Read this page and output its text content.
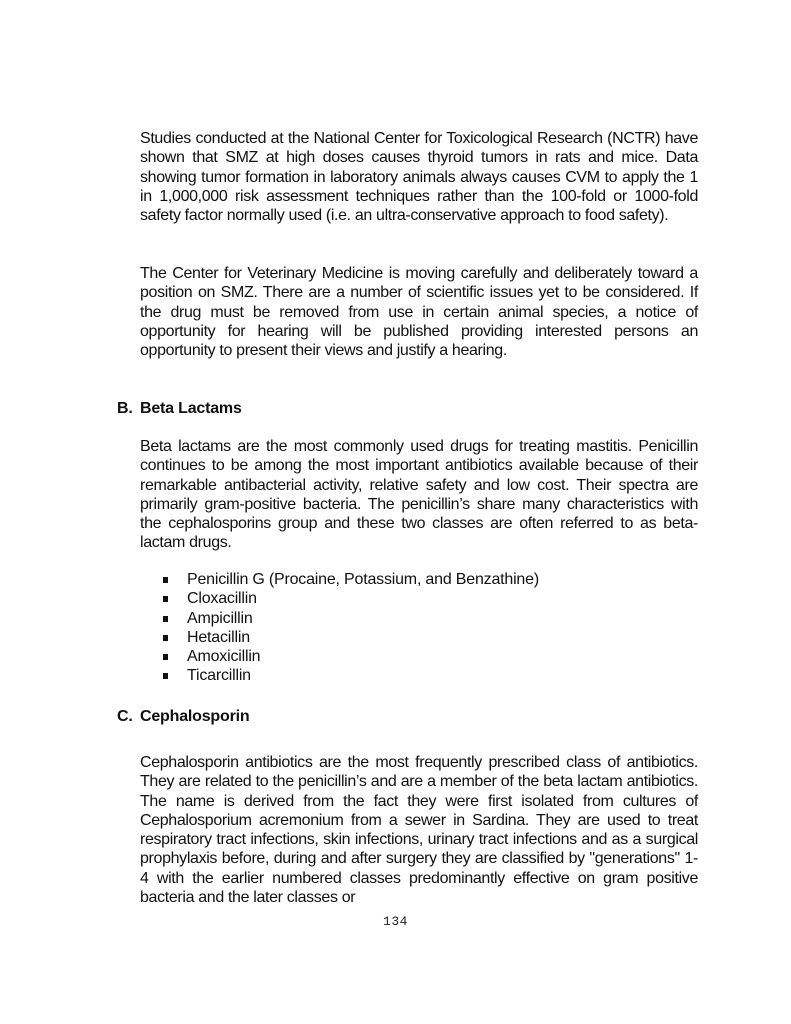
Studies conducted at the National Center for Toxicological Research (NCTR) have shown that SMZ at high doses causes thyroid tumors in rats and mice. Data showing tumor formation in laboratory animals always causes CVM to apply the 1 in 1,000,000 risk assessment techniques rather than the 100-fold or 1000-fold safety factor normally used (i.e. an ultra-conservative approach to food safety).

The Center for Veterinary Medicine is moving carefully and deliberately toward a position on SMZ. There are a number of scientific issues yet to be considered. If the drug must be removed from use in certain animal species, a notice of opportunity for hearing will be published providing interested persons an opportunity to present their views and justify a hearing.

B. Beta Lactams

Beta lactams are the most commonly used drugs for treating mastitis. Penicillin continues to be among the most important antibiotics available because of their remarkable antibacterial activity, relative safety and low cost. Their spectra are primarily gram-positive bacteria. The penicillin’s share many characteristics with the cephalosporins group and these two classes are often referred to as beta-lactam drugs.

Penicillin G (Procaine, Potassium, and Benzathine)
Cloxacillin
Ampicillin
Hetacillin
Amoxicillin
Ticarcillin
C. Cephalosporin

Cephalosporin antibiotics are the most frequently prescribed class of antibiotics. They are related to the penicillin’s and are a member of the beta lactam antibiotics. The name is derived from the fact they were first isolated from cultures of Cephalosporium acremonium from a sewer in Sardina. They are used to treat respiratory tract infections, skin infections, urinary tract infections and as a surgical prophylaxis before, during and after surgery they are classified by "generations" 1-4 with the earlier numbered classes predominantly effective on gram positive bacteria and the later classes or

134
